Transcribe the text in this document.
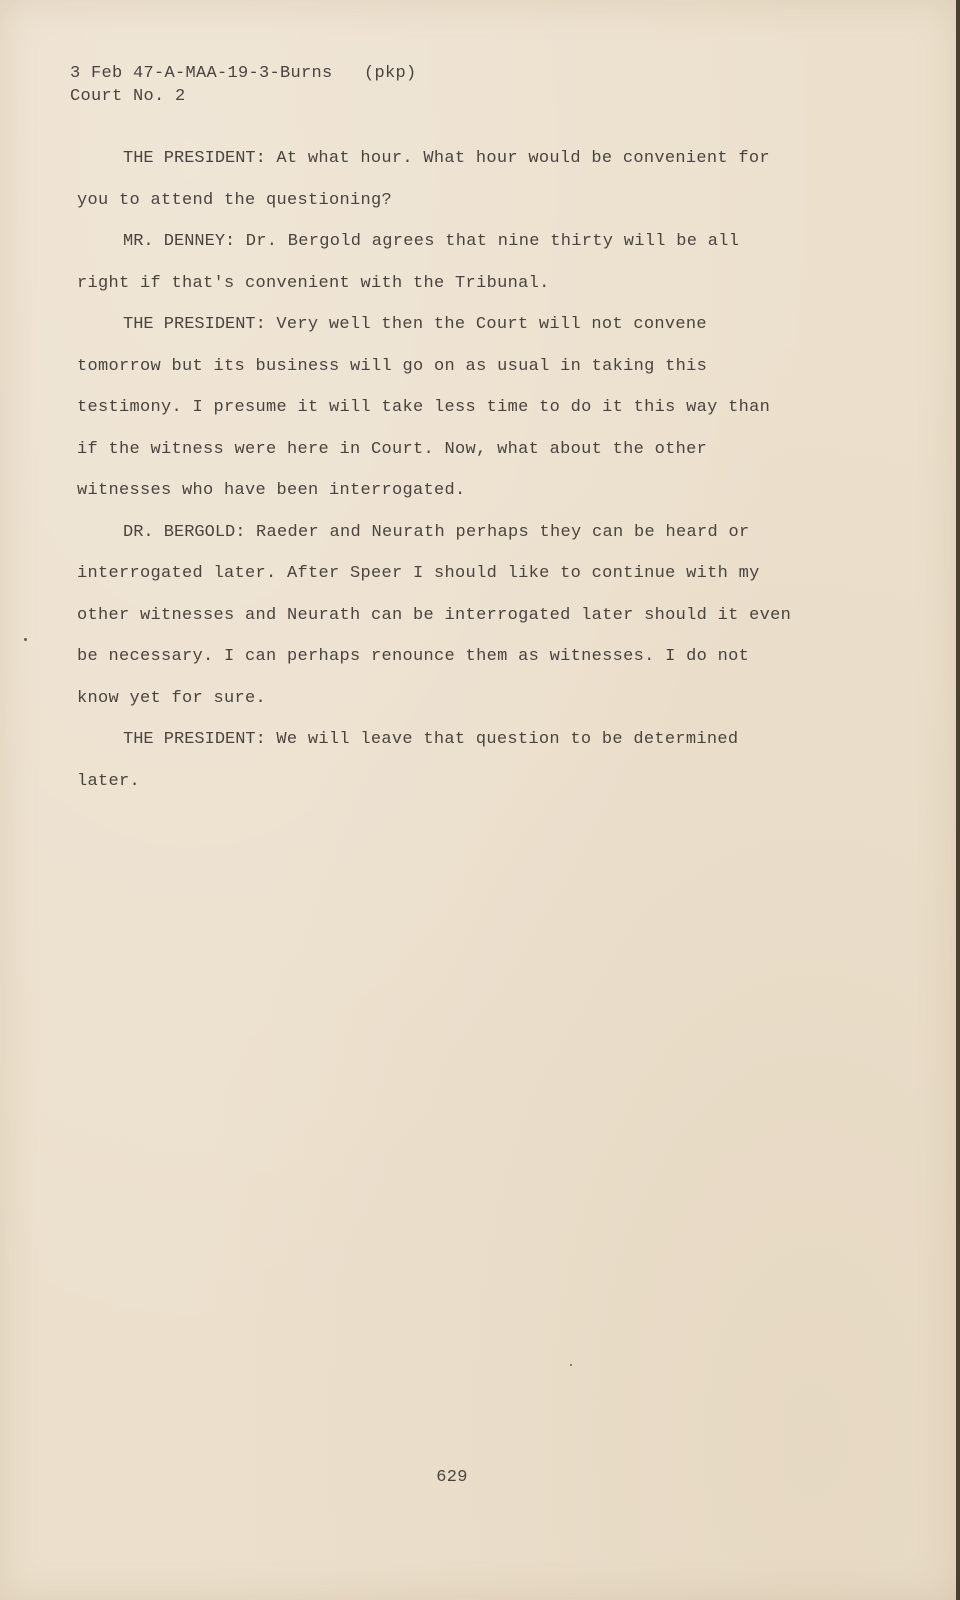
3 Feb 47-A-MAA-19-3-Burns   (pkp)
Court No. 2

THE PRESIDENT: At what hour. What hour would be convenient for you to attend the questioning?

MR. DENNEY: Dr. Bergold agrees that nine thirty will be all right if that's convenient with the Tribunal.

THE PRESIDENT: Very well then the Court will not convene tomorrow but its business will go on as usual in taking this testimony. I presume it will take less time to do it this way than if the witness were here in Court. Now, what about the other witnesses who have been interrogated.

DR. BERGOLD: Raeder and Neurath perhaps they can be heard or interrogated later. After Speer I should like to continue with my other witnesses and Neurath can be interrogated later should it even be necessary. I can perhaps renounce them as witnesses. I do not know yet for sure.

THE PRESIDENT: We will leave that question to be determined later.

629
